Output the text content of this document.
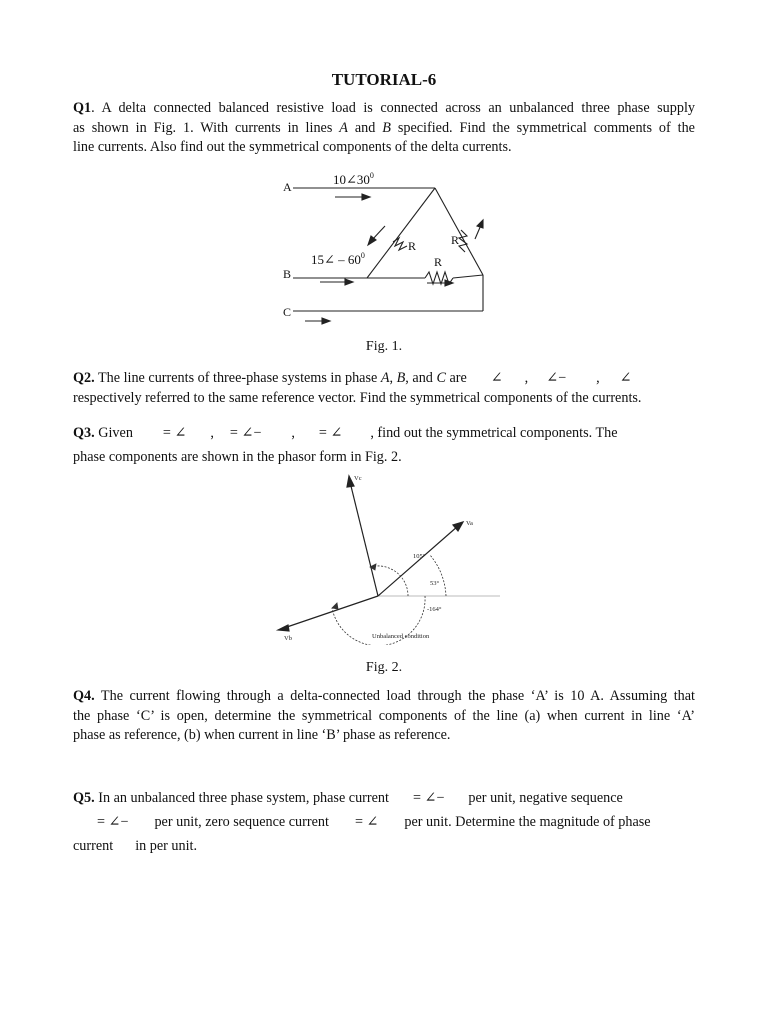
TUTORIAL-6
Q1. A delta connected balanced resistive load is connected across an unbalanced three phase supply
as shown in Fig. 1. With currents in lines A and B specified. Find the symmetrical comments of the
line currents. Also find out the symmetrical components of the delta currents.
A
B
C
$10\angle 30^0$
15∠ – $60^0$
R	R
R
Fig. 1.
Q2. The line currents of three-phase systems in phase A, B, and C are ∠ , ∠− , ∠
respectively referred to the same reference vector. Find the symmetrical components of the currents.
Q3. Given = ∠ , = ∠− , = ∠ , find out the symmetrical components. The
phase components are shown in the phasor form in Fig. 2.
Vc
Va
Vb
105°
53°
-164°
Unbalanced condition
Fig. 2.
Q4. The current flowing through a delta-connected load through the phase ‘A’ is 10 A. Assuming that
the phase ‘C’ is open, determine the symmetrical components of the line (a) when current in line ‘A’
phase as reference, (b) when current in line ‘B’ phase as reference.
Q5. In an unbalanced three phase system, phase current = ∠− per unit, negative sequence
= ∠− per unit, zero sequence current = ∠ per unit. Determine the magnitude of phase
current in per unit.
